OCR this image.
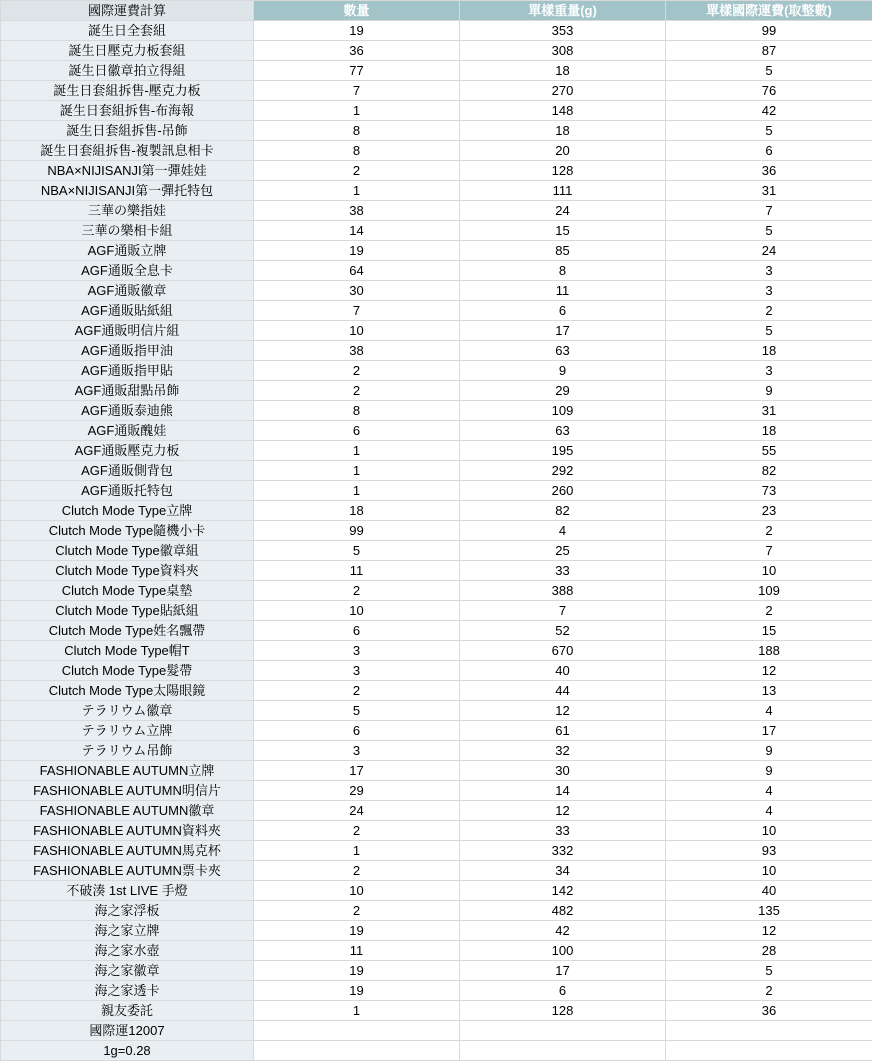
國際運費計算	數量	單樣重量(g)	單樣國際運費(取整數)
誕生日全套組	19	353	99
誕生日壓克力板套組	36	308	87
誕生日徽章拍立得組	77	18	5
誕生日套組拆售-壓克力板	7	270	76
誕生日套組拆售-布海報	1	148	42
誕生日套組拆售-吊飾	8	18	5
誕生日套組拆售-複製訊息相卡	8	20	6
NBA×NIJISANJI第一彈娃娃	2	128	36
NBA×NIJISANJI第一彈托特包	1	111	31
三華の樂指娃	38	24	7
三華の樂相卡組	14	15	5
AGF通販立牌	19	85	24
AGF通販全息卡	64	8	3
AGF通販徽章	30	11	3
AGF通販貼紙組	7	6	2
AGF通販明信片組	10	17	5
AGF通販指甲油	38	63	18
AGF通販指甲貼	2	9	3
AGF通販甜點吊飾	2	29	9
AGF通販泰迪熊	8	109	31
AGF通販醜娃	6	63	18
AGF通販壓克力板	1	195	55
AGF通販側背包	1	292	82
AGF通販托特包	1	260	73
Clutch Mode Type立牌	18	82	23
Clutch Mode Type隨機小卡	99	4	2
Clutch Mode Type徽章組	5	25	7
Clutch Mode Type資料夾	11	33	10
Clutch Mode Type桌墊	2	388	109
Clutch Mode Type貼紙組	10	7	2
Clutch Mode Type姓名飄帶	6	52	15
Clutch Mode Type帽T	3	670	188
Clutch Mode Type髮帶	3	40	12
Clutch Mode Type太陽眼鏡	2	44	13
テラリウム徽章	5	12	4
テラリウム立牌	6	61	17
テラリウム吊飾	3	32	9
FASHIONABLE AUTUMN立牌	17	30	9
FASHIONABLE AUTUMN明信片	29	14	4
FASHIONABLE AUTUMN徽章	24	12	4
FASHIONABLE AUTUMN資料夾	2	33	10
FASHIONABLE AUTUMN馬克杯	1	332	93
FASHIONABLE AUTUMN票卡夾	2	34	10
不破湊 1st LIVE 手燈	10	142	40
海之家浮板	2	482	135
海之家立牌	19	42	12
海之家水壺	11	100	28
海之家徽章	19	17	5
海之家透卡	19	6	2
親友委託	1	128	36
國際運12007			
1g=0.28			
